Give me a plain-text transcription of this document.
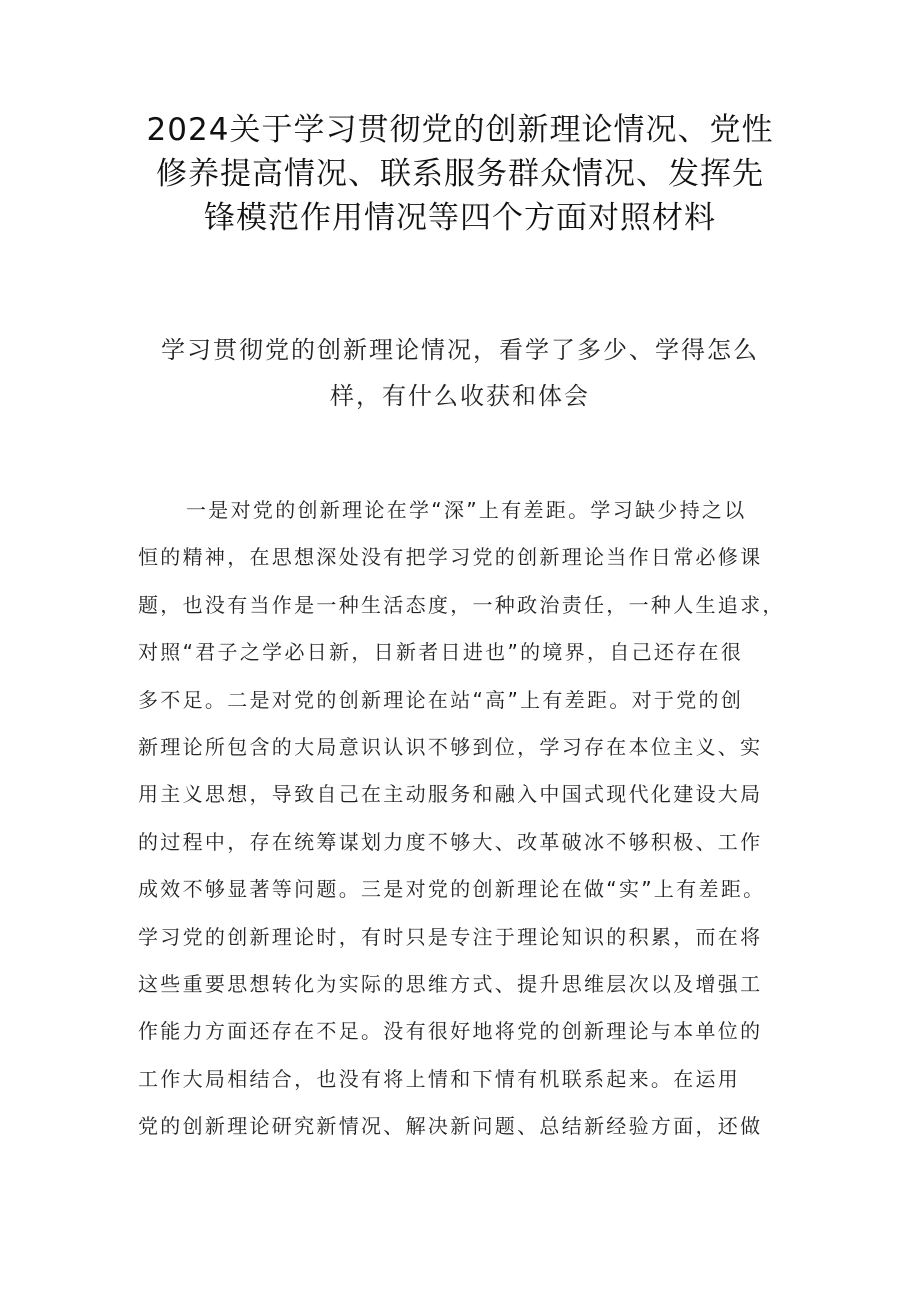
2024关于学习贯彻党的创新理论情况、党性
修养提高情况、联系服务群众情况、发挥先
锋模范作用情况等四个方面对照材料
学习贯彻党的创新理论情况，看学了多少、学得怎么
样，有什么收获和体会
一是对党的创新理论在学“深”上有差距。学习缺少持之以
恒的精神，在思想深处没有把学习党的创新理论当作日常必修课
题，也没有当作是一种生活态度，一种政治责任，一种人生追求，
对照“君子之学必日新，日新者日进也”的境界，自己还存在很
多不足。二是对党的创新理论在站“高”上有差距。对于党的创
新理论所包含的大局意识认识不够到位，学习存在本位主义、实
用主义思想，导致自己在主动服务和融入中国式现代化建设大局
的过程中，存在统筹谋划力度不够大、改革破冰不够积极、工作
成效不够显著等问题。三是对党的创新理论在做“实”上有差距。
学习党的创新理论时，有时只是专注于理论知识的积累，而在将
这些重要思想转化为实际的思维方式、提升思维层次以及增强工
作能力方面还存在不足。没有很好地将党的创新理论与本单位的
工作大局相结合，也没有将上情和下情有机联系起来。在运用
党的创新理论研究新情况、解决新问题、总结新经验方面，还做
